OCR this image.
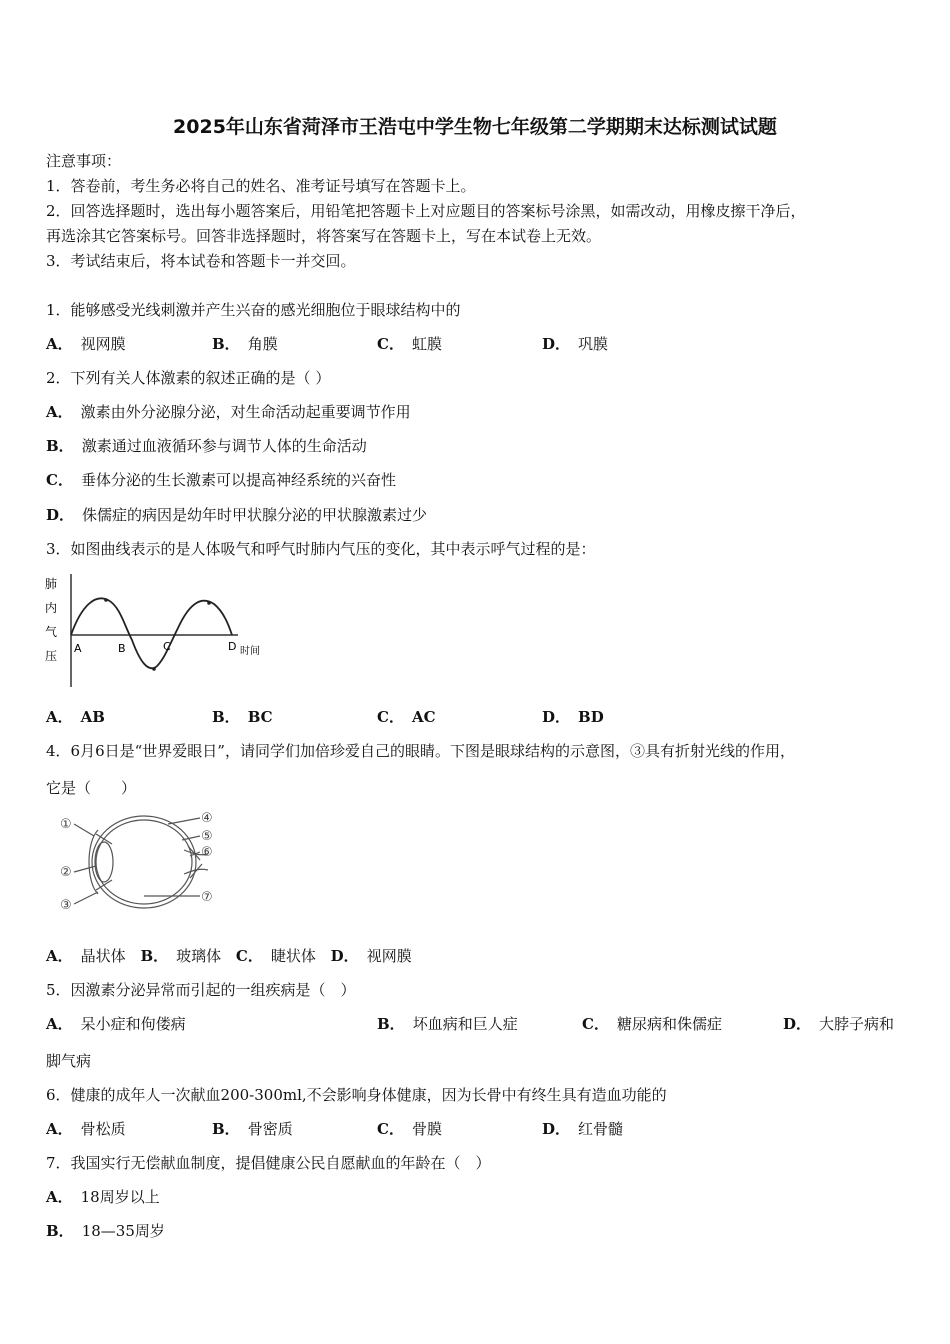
2025年山东省菏泽市王浩屯中学生物七年级第二学期期末达标测试试题
注意事项：
1．答卷前，考生务必将自己的姓名、准考证号填写在答题卡上。
2．回答选择题时，选出每小题答案后，用铅笔把答题卡上对应题目的答案标号涂黑，如需改动，用橡皮擦干净后，
再选涂其它答案标号。回答非选择题时，将答案写在答题卡上，写在本试卷上无效。
3．考试结束后，将本试卷和答题卡一并交回。
1．能够感受光线刺激并产生兴奋的感光细胞位于眼球结构中的
A． 视网膜	B． 角膜	C． 虹膜	D． 巩膜
2．下列有关人体激素的叙述正确的是（ ）
A． 激素由外分泌腺分泌，对生命活动起重要调节作用
B． 激素通过血液循环参与调节人体的生命活动
C． 垂体分泌的生长激素可以提高神经系统的兴奋性
D． 侏儒症的病因是幼年时甲状腺分泌的甲状腺激素过少
3．如图曲线表示的是人体吸气和呼气时肺内气压的变化，其中表示呼气过程的是：
肺
内
气
压
A	B	C	D 时间
A． AB	B． BC	C． AC	D． BD
4．6月6日是“世界爱眼日”，请同学们加倍珍爱自己的眼睛。下图是眼球结构的示意图，③具有折射光线的作用，
它是（　　）
①
②
③
④
⑤
⑥
⑦
A． 晶状体 B． 玻璃体 C． 睫状体 D． 视网膜
5．因激素分泌异常而引起的一组疾病是（　）
A． 呆小症和佝偻病	B． 坏血病和巨人症	C． 糖尿病和侏儒症	D． 大脖子病和
脚气病
6．健康的成年人一次献血200-300ml,不会影响身体健康，因为长骨中有终生具有造血功能的
A． 骨松质	B． 骨密质	C． 骨膜	D． 红骨髓
7．我国实行无偿献血制度，提倡健康公民自愿献血的年龄在（　）
A． 18周岁以上
B． 18—35周岁
